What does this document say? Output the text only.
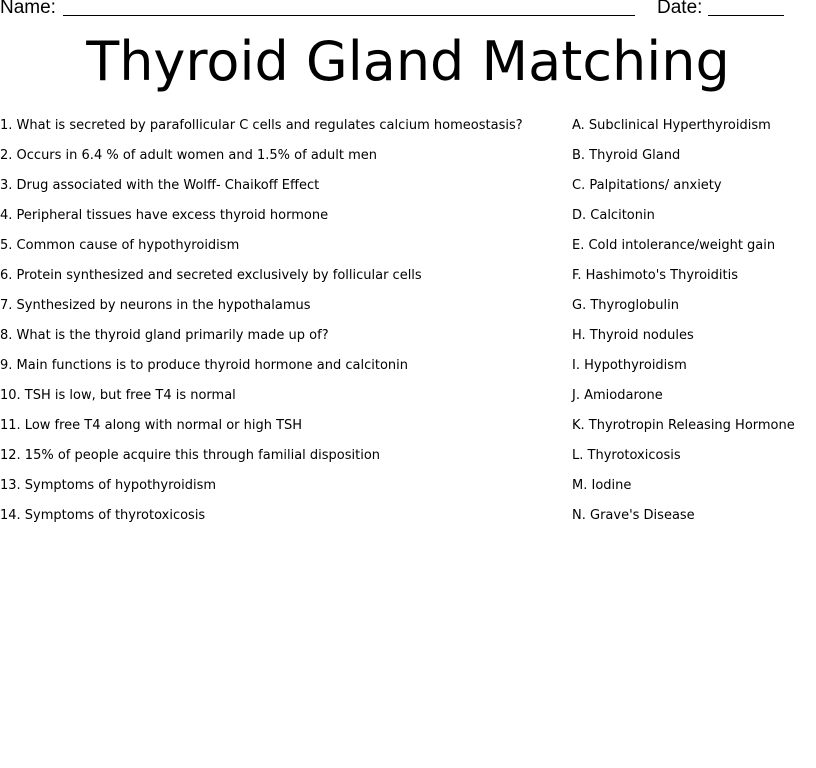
Name:	Date:
Thyroid Gland Matching
1. What is secreted by parafollicular C cells and regulates calcium homeostasis?
2. Occurs in 6.4 % of adult women and 1.5% of adult men
3. Drug associated with the Wolff- Chaikoff Effect
4. Peripheral tissues have excess thyroid hormone
5. Common cause of hypothyroidism
6. Protein synthesized and secreted exclusively by follicular cells
7. Synthesized by neurons in the hypothalamus
8. What is the thyroid gland primarily made up of?
9. Main functions is to produce thyroid hormone and calcitonin
10. TSH is low, but free T4 is normal
11. Low free T4 along with normal or high TSH
12. 15% of people acquire this through familial disposition
13. Symptoms of hypothyroidism
14. Symptoms of thyrotoxicosis
A. Subclinical Hyperthyroidism
B. Thyroid Gland
C. Palpitations/ anxiety
D. Calcitonin
E. Cold intolerance/weight gain
F. Hashimoto's Thyroiditis
G. Thyroglobulin
H. Thyroid nodules
I. Hypothyroidism
J. Amiodarone
K. Thyrotropin Releasing Hormone
L. Thyrotoxicosis
M. Iodine
N. Grave's Disease
